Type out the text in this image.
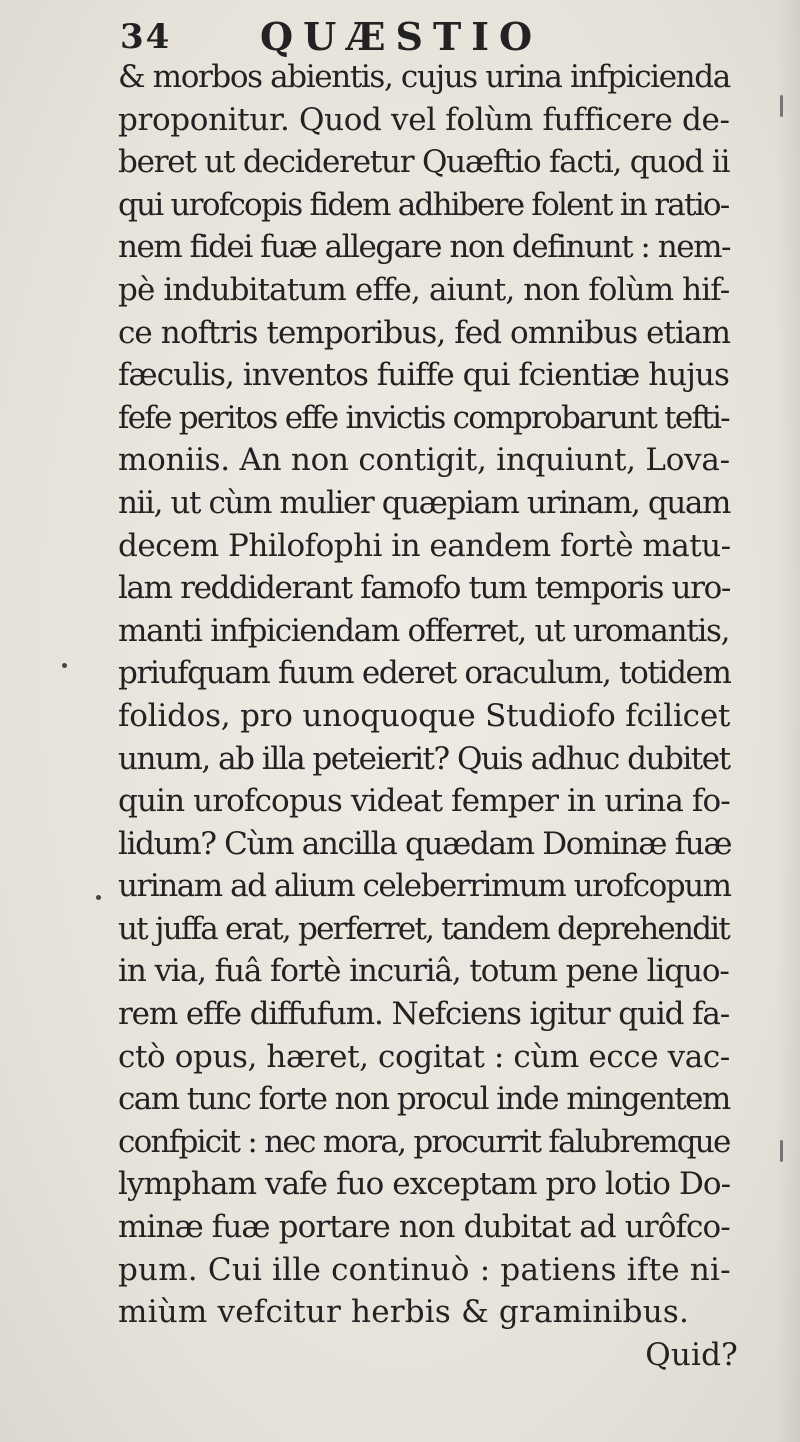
34 QUÆSTIO
& morbos abientis, cujus urina infpicienda
proponitur. Quod vel folùm fufficere de-
beret ut decideretur Quæftio facti, quod ii
qui urofcopis fidem adhibere folent in ratio-
nem fidei fuæ allegare non definunt : nem-
pè indubitatum effe, aiunt, non folùm hif-
ce noftris temporibus, fed omnibus etiam
fæculis, inventos fuiffe qui fcientiæ hujus
fefe peritos effe invictis comprobarunt tefti-
moniis. An non contigit, inquiunt, Lova-
nii, ut cùm mulier quæpiam urinam, quam
decem Philofophi in eandem fortè matu-
lam reddiderant famofo tum temporis uro-
manti infpiciendam offerret, ut uromantis,
priufquam fuum ederet oraculum, totidem
folidos, pro unoquoque Studiofo fcilicet
unum, ab illa peteierit? Quis adhuc dubitet
quin urofcopus videat femper in urina fo-
lidum? Cùm ancilla quædam Dominæ fuæ
urinam ad alium celeberrimum urofcopum
ut juffa erat, perferret, tandem deprehendit
in via, fuâ fortè incuriâ, totum pene liquo-
rem effe diffufum. Nefciens igitur quid fa-
ctò opus, hæret, cogitat : cùm ecce vac-
cam tunc forte non procul inde mingentem
confpicit : nec mora, procurrit falubremque
lympham vafe fuo exceptam pro lotio Do-
minæ fuæ portare non dubitat ad urôfco-
pum. Cui ille continuò : patiens ifte ni-
miùm vefcitur herbis & graminibus.
Quid?
